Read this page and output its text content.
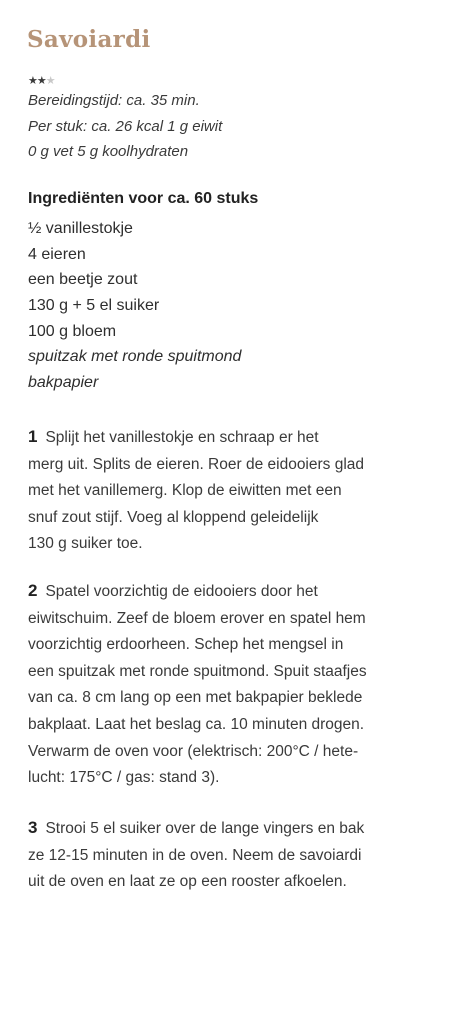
Savoiardi
★★★
Bereidingstijd: ca. 35 min.
Per stuk: ca. 26 kcal 1 g eiwit
0 g vet 5 g koolhydraten
Ingrediënten voor ca. 60 stuks
½ vanillestokje
4 eieren
een beetje zout
130 g + 5 el suiker
100 g bloem
spuitzak met ronde spuitmond
bakpapier
1 Splijt het vanillestokje en schraap er het
merg uit. Splits de eieren. Roer de eidooiers glad
met het vanillemerg. Klop de eiwitten met een
snuf zout stijf. Voeg al kloppend geleidelijk
130 g suiker toe.
2 Spatel voorzichtig de eidooiers door het
eiwitschuim. Zeef de bloem erover en spatel hem
voorzichtig erdoorheen. Schep het mengsel in
een spuitzak met ronde spuitmond. Spuit staafjes
van ca. 8 cm lang op een met bakpapier beklede
bakplaat. Laat het beslag ca. 10 minuten drogen.
Verwarm de oven voor (elektrisch: 200°C / hete-
lucht: 175°C / gas: stand 3).
3 Strooi 5 el suiker over de lange vingers en bak
ze 12-15 minuten in de oven. Neem de savoiardi
uit de oven en laat ze op een rooster afkoelen.
